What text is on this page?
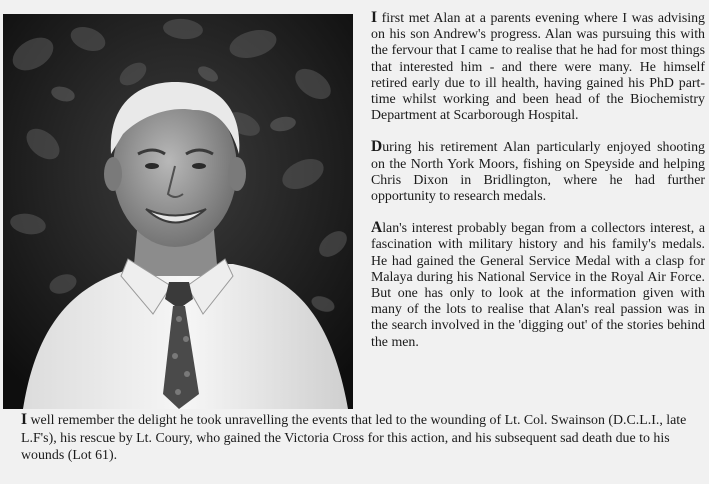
I first met Alan at a parents evening where I was advising on his son Andrew's progress. Alan was pursuing this with the fervour that I came to realise that he had for most things that interested him - and there were many. He himself retired early due to ill health, having gained his PhD part-time whilst working and been head of the Biochemistry Department at Scarborough Hospital.

During his retirement Alan particularly enjoyed shooting on the North York Moors, fishing on Speyside and helping Chris Dixon in Bridlington, where he had further opportunity to research medals.

Alan's interest probably began from a collectors interest, a fascination with military history and his family's medals. He had gained the General Service Medal with a clasp for Malaya during his National Service in the Royal Air Force. But one has only to look at the information given with many of the lots to realise that Alan's real passion was in the search involved in the 'digging out' of the stories behind the men.

I well remember the delight he took unravelling the events that led to the wounding of Lt. Col. Swainson (D.C.L.I., late L.F's), his rescue by Lt. Coury, who gained the Victoria Cross for this action, and his subsequent sad death due to his wounds (Lot 61).
